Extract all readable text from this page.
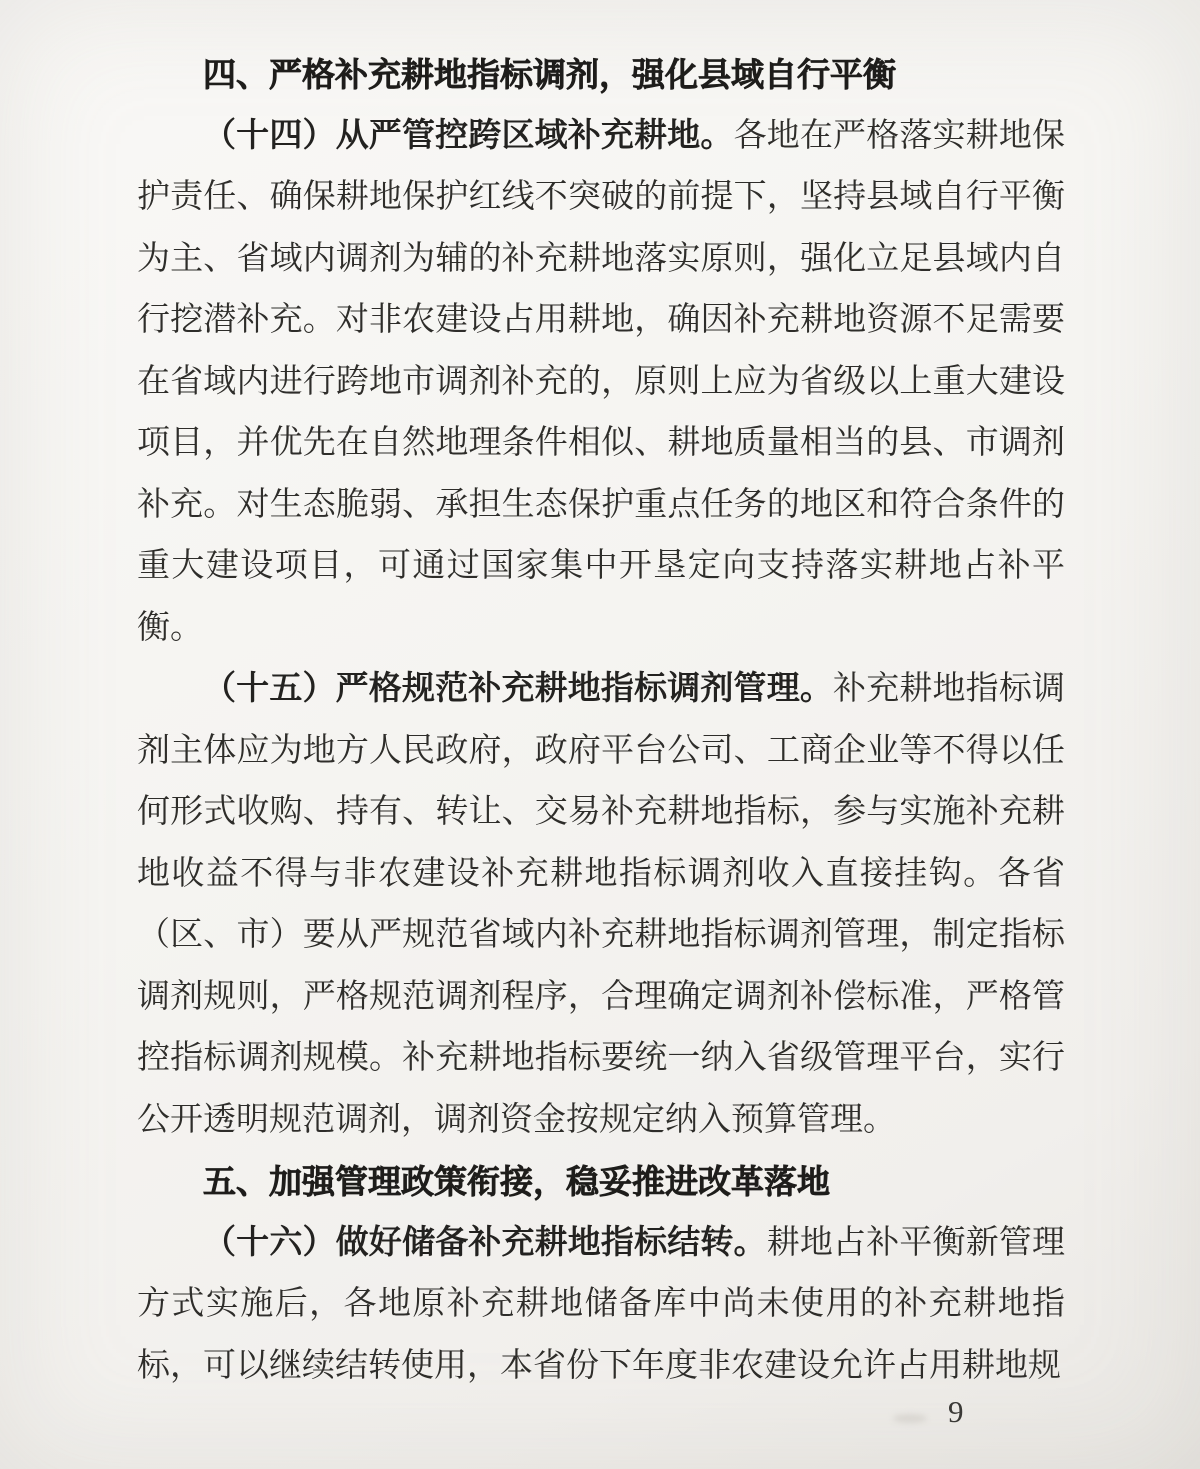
四、严格补充耕地指标调剂，强化县域自行平衡
（十四）从严管控跨区域补充耕地。各地在严格落实耕地保护责任、确保耕地保护红线不突破的前提下，坚持县域自行平衡为主、省域内调剂为辅的补充耕地落实原则，强化立足县域内自行挖潜补充。对非农建设占用耕地，确因补充耕地资源不足需要在省域内进行跨地市调剂补充的，原则上应为省级以上重大建设项目，并优先在自然地理条件相似、耕地质量相当的县、市调剂补充。对生态脆弱、承担生态保护重点任务的地区和符合条件的重大建设项目，可通过国家集中开垦定向支持落实耕地占补平衡。
（十五）严格规范补充耕地指标调剂管理。补充耕地指标调剂主体应为地方人民政府，政府平台公司、工商企业等不得以任何形式收购、持有、转让、交易补充耕地指标，参与实施补充耕地收益不得与非农建设补充耕地指标调剂收入直接挂钩。各省（区、市）要从严规范省域内补充耕地指标调剂管理，制定指标调剂规则，严格规范调剂程序，合理确定调剂补偿标准，严格管控指标调剂规模。补充耕地指标要统一纳入省级管理平台，实行公开透明规范调剂，调剂资金按规定纳入预算管理。
五、加强管理政策衔接，稳妥推进改革落地
（十六）做好储备补充耕地指标结转。耕地占补平衡新管理方式实施后，各地原补充耕地储备库中尚未使用的补充耕地指标，可以继续结转使用，本省份下年度非农建设允许占用耕地规
9
